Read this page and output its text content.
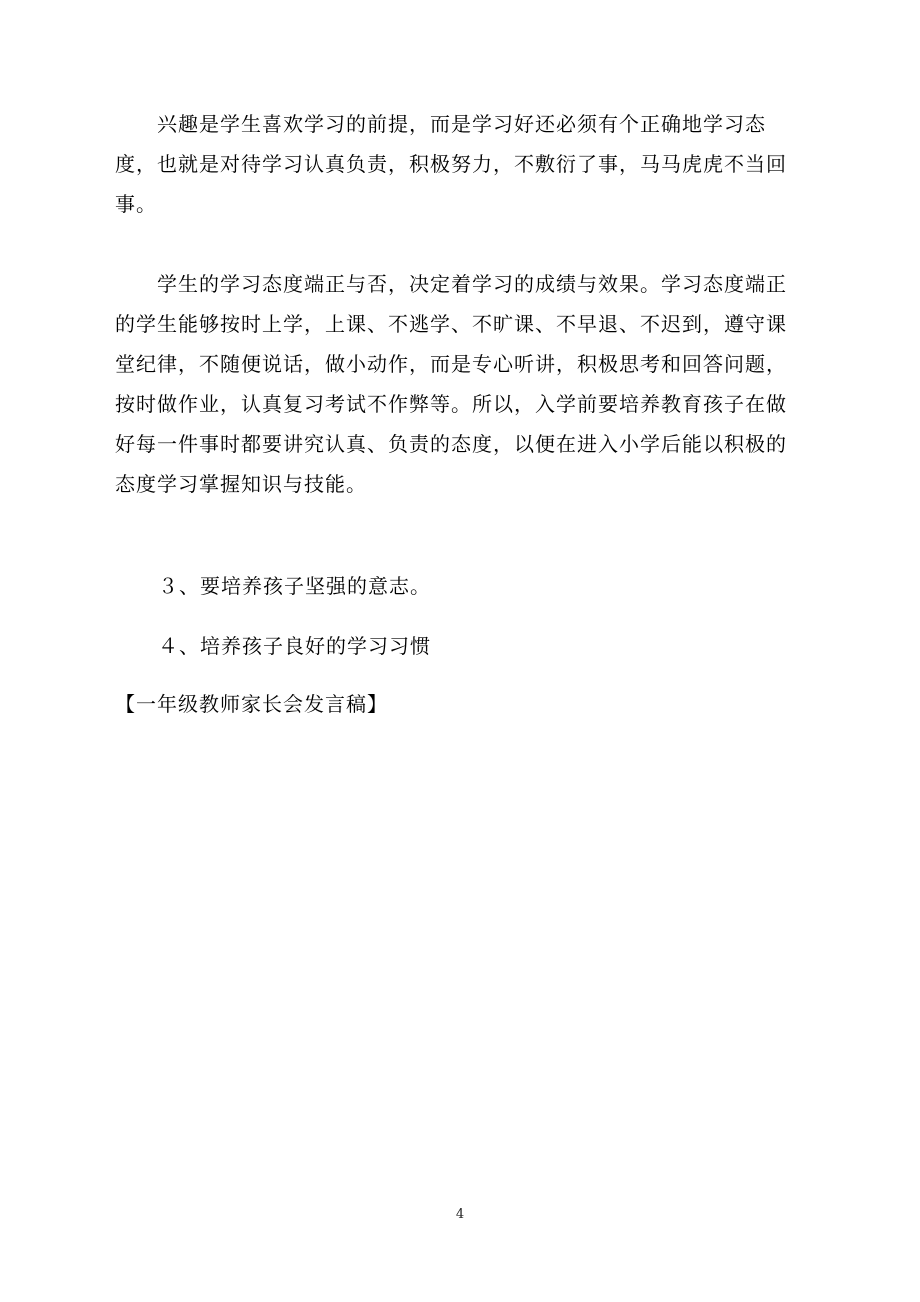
兴趣是学生喜欢学习的前提，而是学习好还必须有个正确地学习态度，也就是对待学习认真负责，积极努力，不敷衍了事，马马虎虎不当回事。

学生的学习态度端正与否，决定着学习的成绩与效果。学习态度端正的学生能够按时上学，上课、不逃学、不旷课、不早退、不迟到，遵守课堂纪律，不随便说话，做小动作，而是专心听讲，积极思考和回答问题，按时做作业，认真复习考试不作弊等。所以，入学前要培养教育孩子在做好每一件事时都要讲究认真、负责的态度，以便在进入小学后能以积极的态度学习掌握知识与技能。

３、要培养孩子坚强的意志。

４、培养孩子良好的学习习惯

【一年级教师家长会发言稿】

4
